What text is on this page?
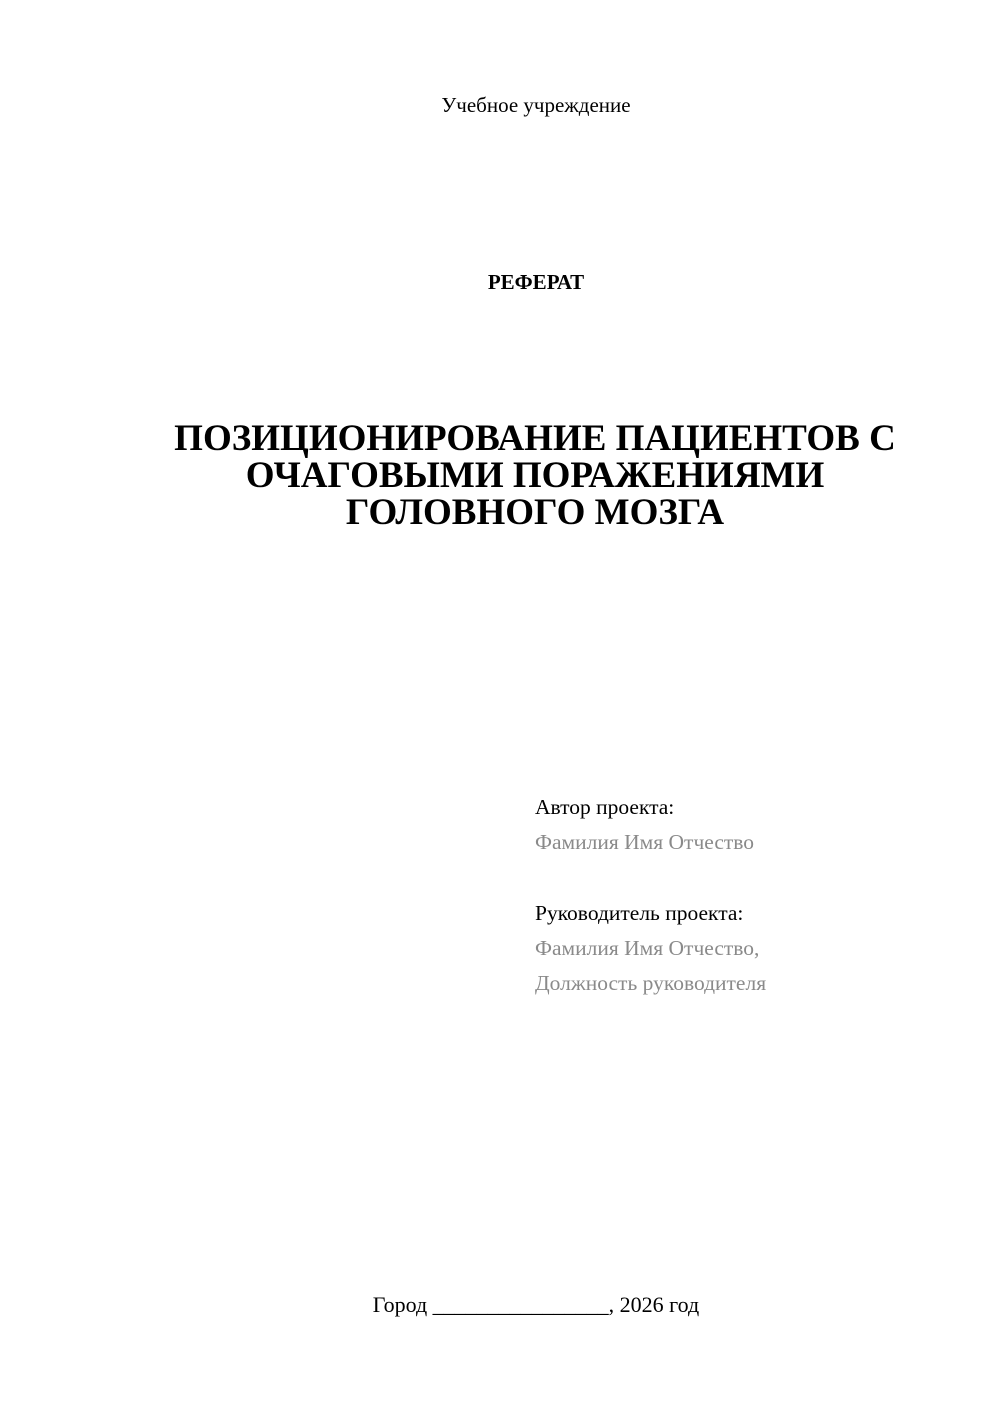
Учебное учреждение
РЕФЕРАТ
ПОЗИЦИОНИРОВАНИЕ ПАЦИЕНТОВ С
ОЧАГОВЫМИ ПОРАЖЕНИЯМИ
ГОЛОВНОГО МОЗГА
Автор проекта:
Фамилия Имя Отчество
Руководитель проекта:
Фамилия Имя Отчество,
Должность руководителя
Город ________________, 2026 год
